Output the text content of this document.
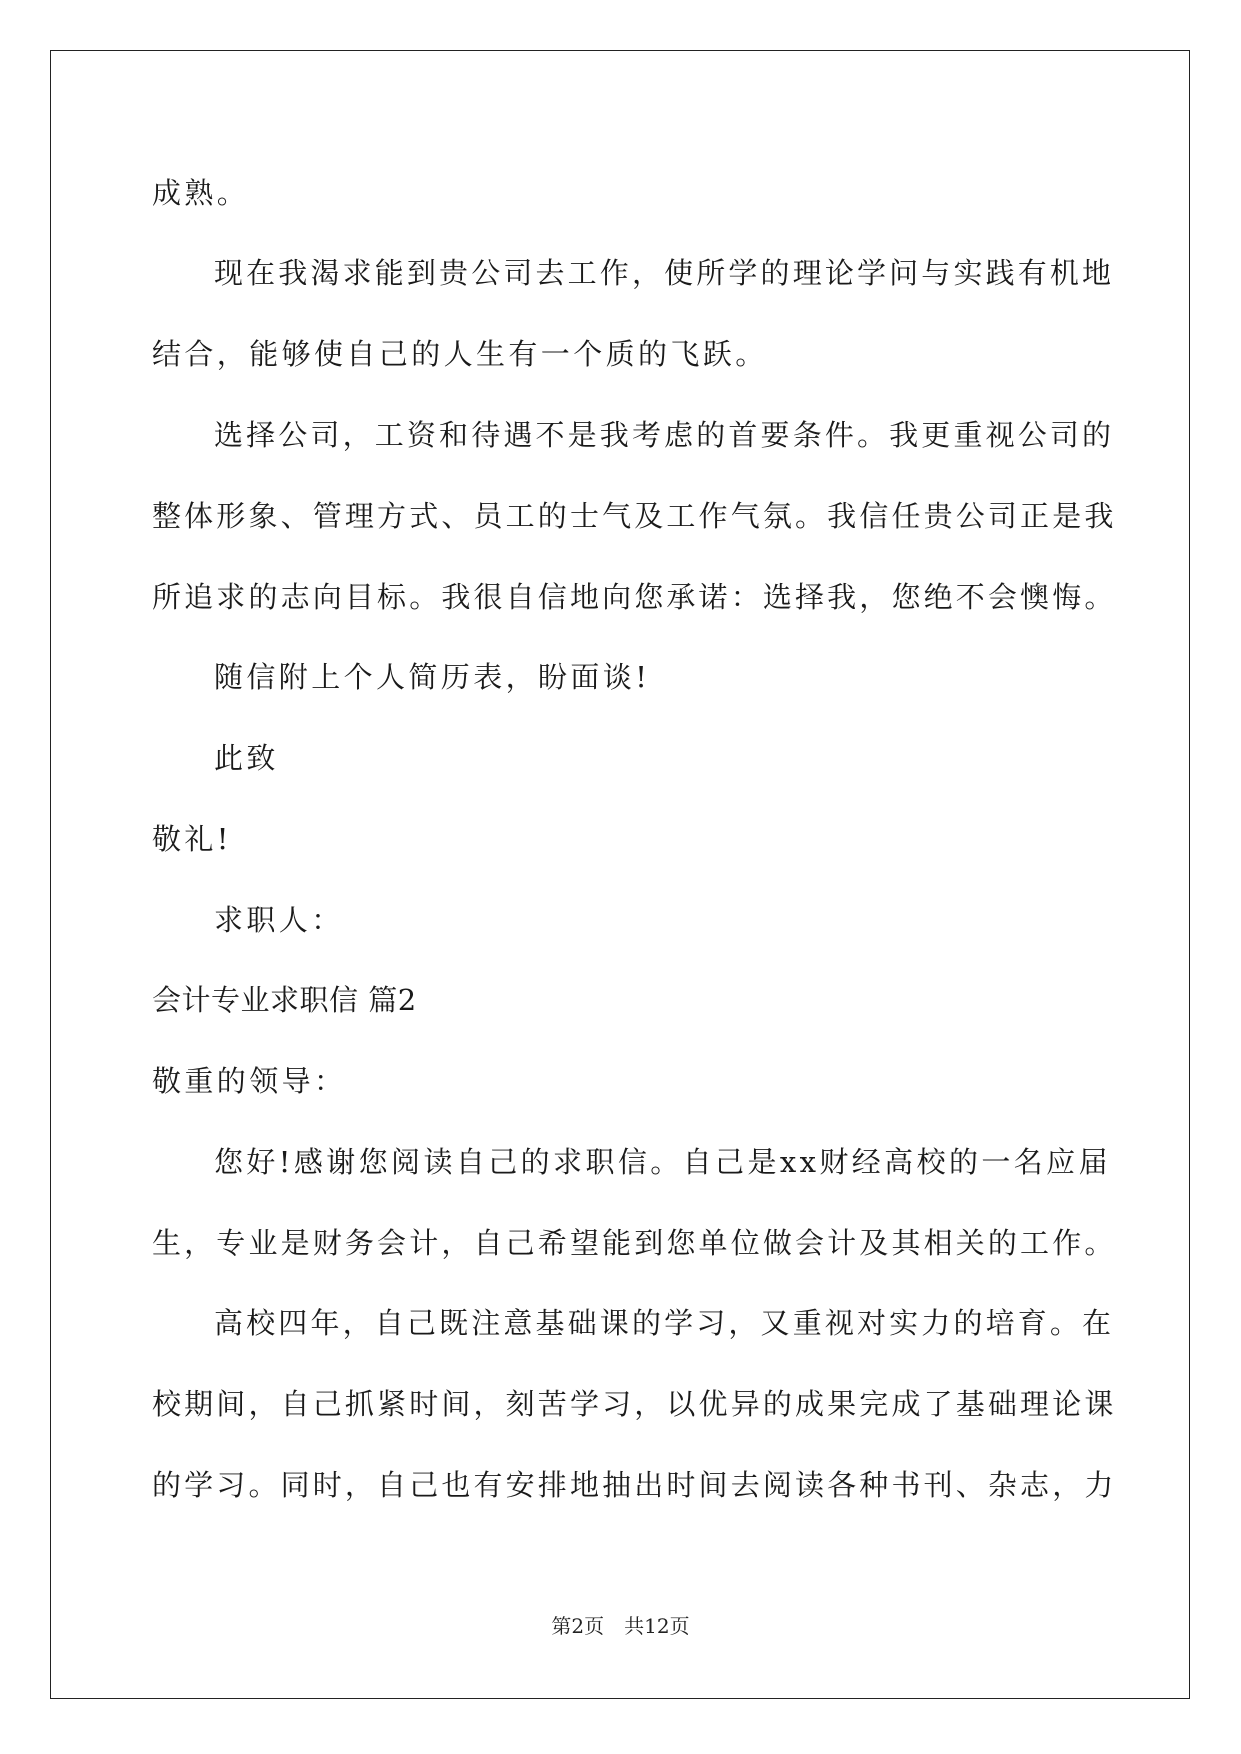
成熟。
现在我渴求能到贵公司去工作，使所学的理论学问与实践有机地
结合，能够使自己的人生有一个质的飞跃。
选择公司，工资和待遇不是我考虑的首要条件。我更重视公司的
整体形象、管理方式、员工的士气及工作气氛。我信任贵公司正是我
所追求的志向目标。我很自信地向您承诺：选择我，您绝不会懊悔。
随信附上个人简历表，盼面谈!
此致
敬礼!
求职人：
会计专业求职信 篇2
敬重的领导：
您好!感谢您阅读自己的求职信。自己是xx财经高校的一名应届
生，专业是财务会计，自己希望能到您单位做会计及其相关的工作。
高校四年，自己既注意基础课的学习，又重视对实力的培育。在
校期间，自己抓紧时间，刻苦学习，以优异的成果完成了基础理论课
的学习。同时，自己也有安排地抽出时间去阅读各种书刊、杂志，力
第2页　共12页
